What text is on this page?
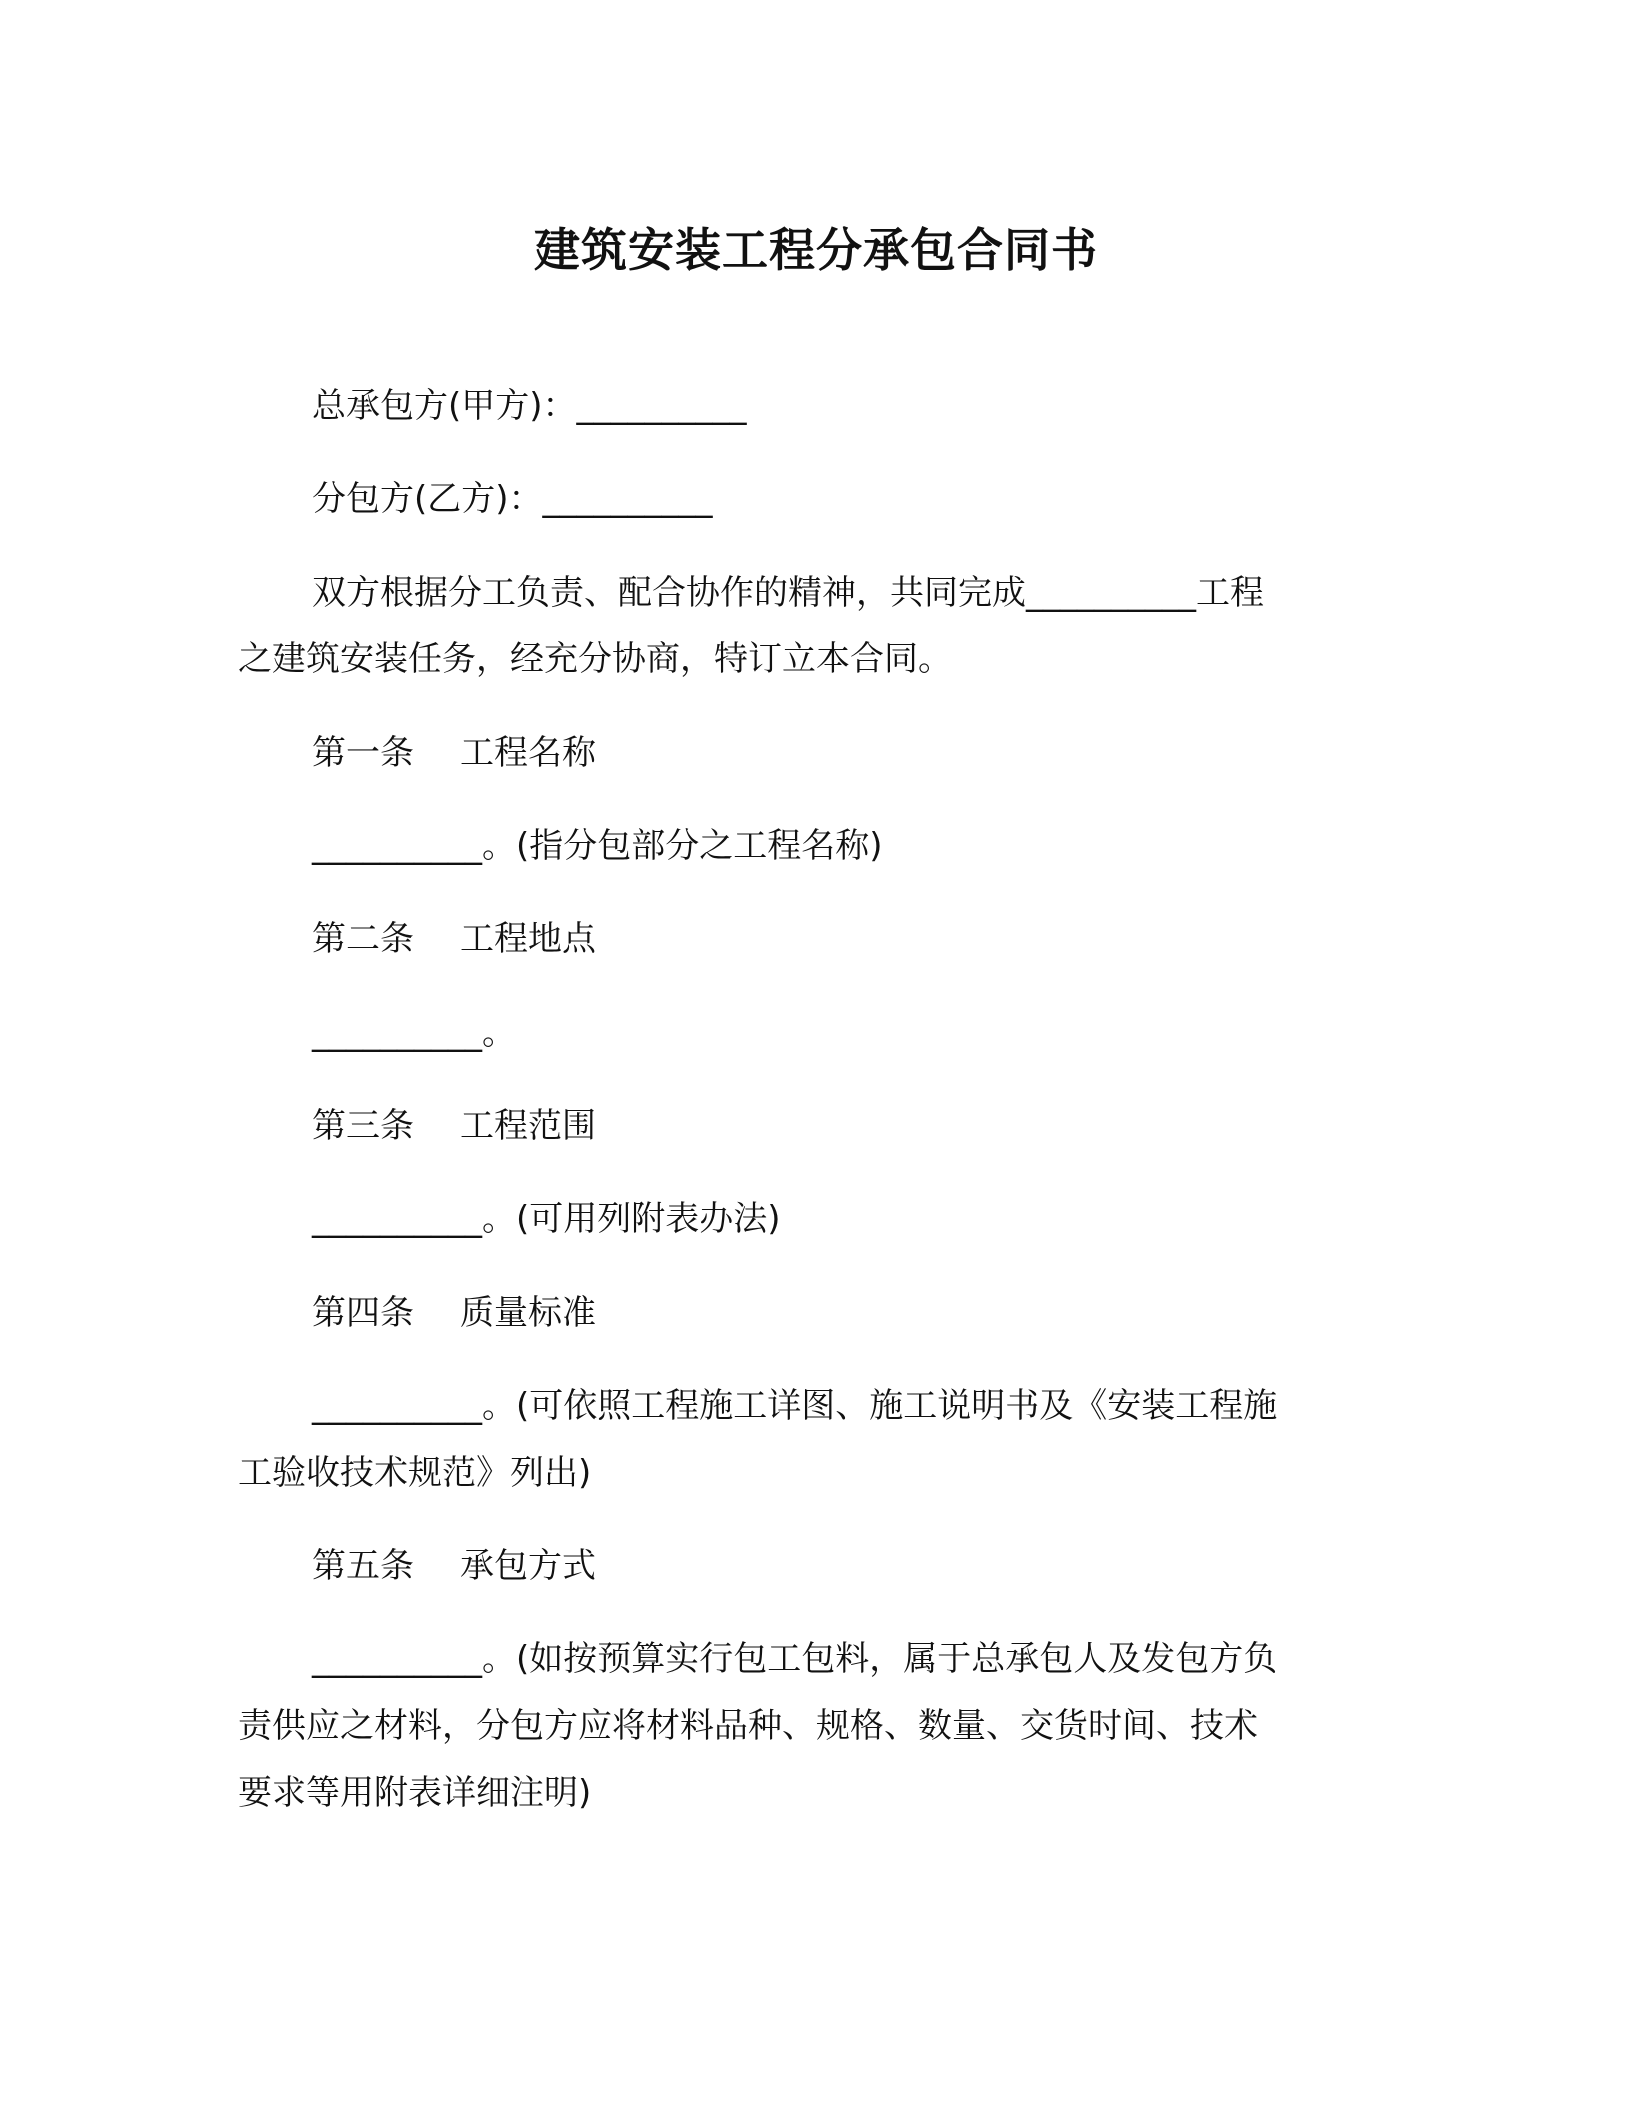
建筑安装工程分承包合同书
总承包方(甲方)：__________
分包方(乙方)：__________
双方根据分工负责、配合协作的精神，共同完成__________工程
之建筑安装任务，经充分协商，特订立本合同。
第一条 工程名称
__________。(指分包部分之工程名称)
第二条 工程地点
__________。
第三条 工程范围
__________。(可用列附表办法)
第四条 质量标准
__________。(可依照工程施工详图、施工说明书及《安装工程施
工验收技术规范》列出)
第五条 承包方式
__________。(如按预算实行包工包料，属于总承包人及发包方负
责供应之材料，分包方应将材料品种、规格、数量、交货时间、技术
要求等用附表详细注明)
